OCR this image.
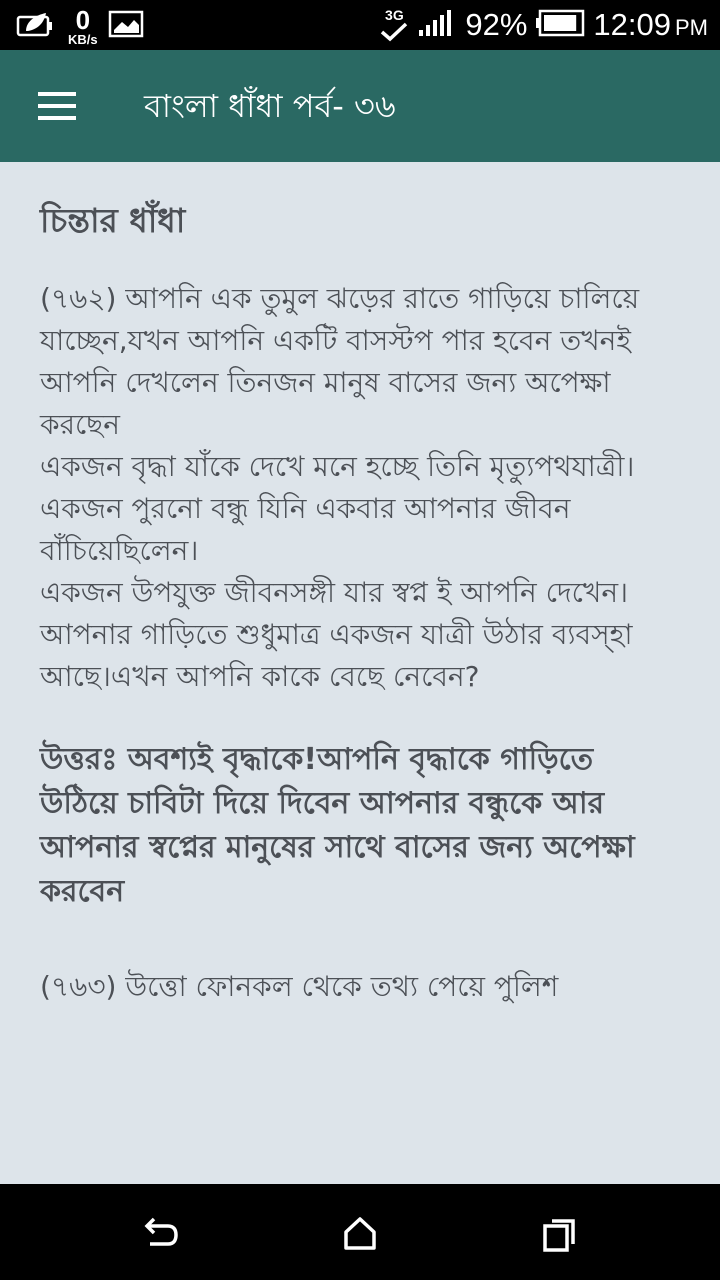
0
KB/s
3G 92% 12:09 PM
বাংলা ধাঁধা পর্ব- ৩৬
চিন্তার ধাঁধা
(৭৬২) আপনি এক তুমুল ঝড়ের রাতে গাড়িয়ে চালিয়ে যাচ্ছেন,যখন আপনি একটি বাসস্টপ পার হবেন তখনই আপনি দেখলেন তিনজন মানুষ বাসের জন্য অপেক্ষা করছেন
একজন বৃদ্ধা যাঁকে দেখে মনে হচ্ছে তিনি মৃত্যুপথযাত্রী।
একজন পুরনো বন্ধু যিনি একবার আপনার জীবন বাঁচিয়েছিলেন।
একজন উপযুক্ত জীবনসঙ্গী যার স্বপ্ন ই আপনি দেখেন।
আপনার গাড়িতে শুধুমাত্র একজন যাত্রী উঠার ব্যবস্হা আছে।এখন আপনি কাকে বেছে নেবেন?
উত্তরঃ অবশ্যই বৃদ্ধাকে!আপনি বৃদ্ধাকে গাড়িতে উঠিয়ে চাবিটা দিয়ে দিবেন আপনার বন্ধুকে আর আপনার স্বপ্নের মানুষের সাথে বাসের জন্য অপেক্ষা করবেন
(৭৬৩) উত্তো ফোনকল থেকে তথ্য পেয়ে পুলিশ
